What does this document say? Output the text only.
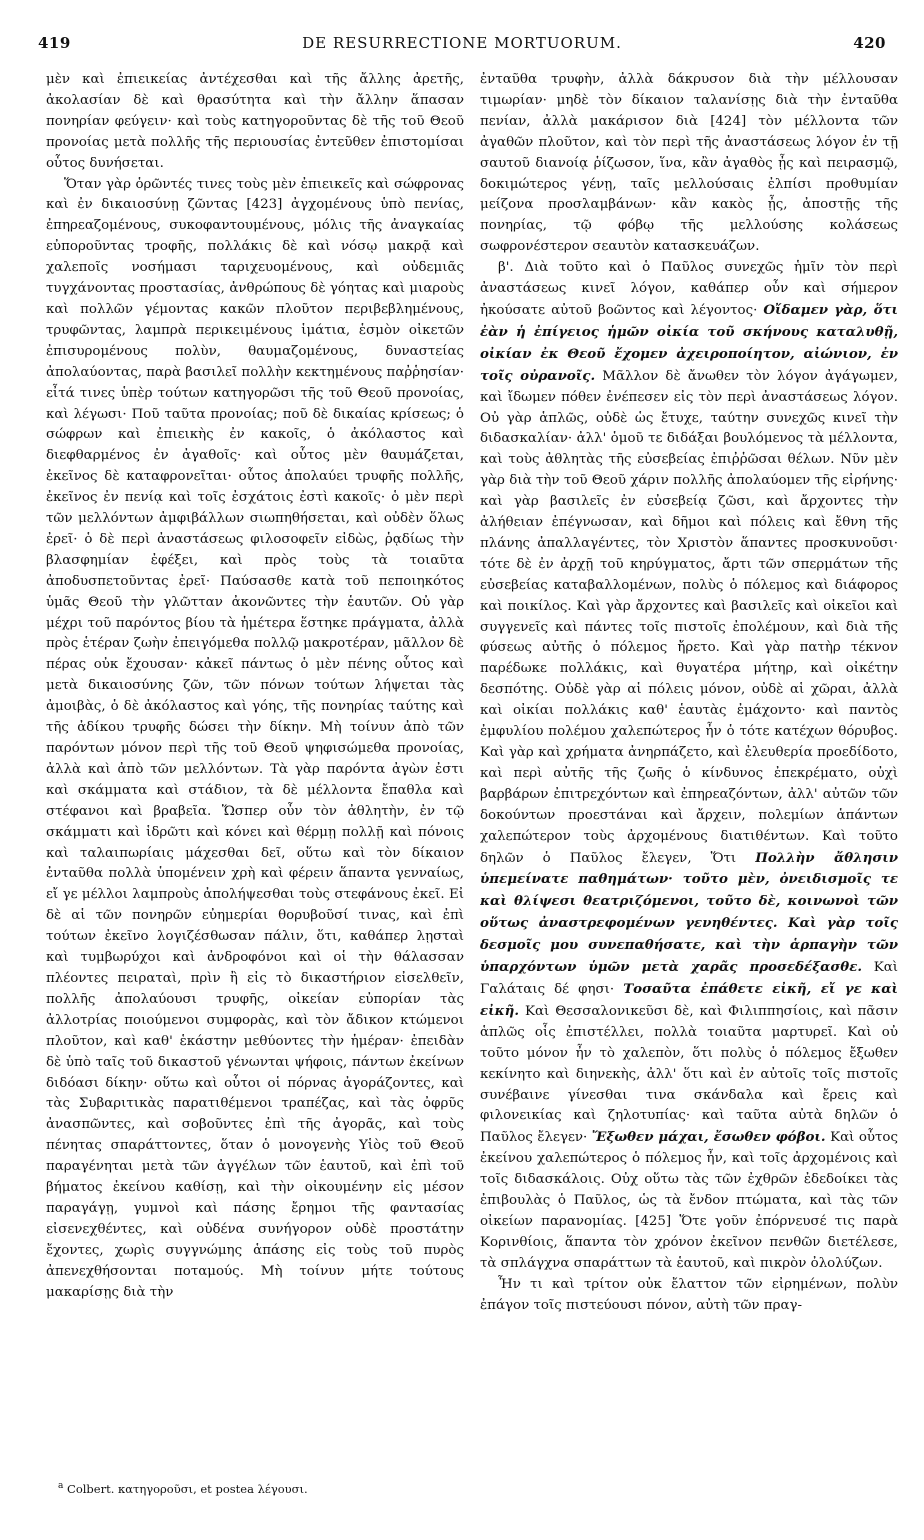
419	DE RESURRECTIONE MORTUORUM.	420

μὲν καὶ ἐπιεικείας ἀντέχεσθαι καὶ τῆς ἄλλης ἀρετῆς, ἀκολασίαν δὲ καὶ θρασύτητα καὶ τὴν ἄλλην ἅπασαν πονηρίαν φεύγειν· καὶ τοὺς κατηγοροῦντας δὲ τῆς τοῦ Θεοῦ προνοίας μετὰ πολλῆς τῆς περιουσίας ἐντεῦθεν ἐπιστομίσαι οὗτος δυνήσεται.

Ὅταν γὰρ ὁρῶντές τινες τοὺς μὲν ἐπιεικεῖς καὶ σώφρονας καὶ ἐν δικαιοσύνῃ ζῶντας [423] ἀγχομένους ὑπὸ πενίας, ἐπηρεαζομένους, συκοφαντουμένους, μόλις τῆς ἀναγκαίας εὐποροῦντας τροφῆς, πολλάκις δὲ καὶ νόσῳ μακρᾷ καὶ χαλεποῖς νοσήμασι ταριχευομένους, καὶ οὐδεμιᾶς τυγχάνοντας προστασίας, ἀνθρώπους δὲ γόητας καὶ μιαροὺς καὶ πολλῶν γέμοντας κακῶν πλοῦτον περιβεβλημένους, τρυφῶντας, λαμπρὰ περικειμένους ἱμάτια, ἑσμὸν οἰκετῶν ἐπισυρομένους πολὺν, θαυμαζομένους, δυναστείας ἀπολαύοντας, παρὰ βασιλεῖ πολλὴν κεκτημένους παῤῥησίαν· εἶτά τινες ὑπὲρ τούτων κατηγορῶσι τῆς τοῦ Θεοῦ προνοίας, καὶ λέγωσι· Ποῦ ταῦτα προνοίας; ποῦ δὲ δικαίας κρίσεως; ὁ σώφρων καὶ ἐπιεικὴς ἐν κακοῖς, ὁ ἀκόλαστος καὶ διεφθαρμένος ἐν ἀγαθοῖς· καὶ οὗτος μὲν θαυμάζεται, ἐκεῖνος δὲ καταφρονεῖται· οὗτος ἀπολαύει τρυφῆς πολλῆς, ἐκεῖνος ἐν πενίᾳ καὶ τοῖς ἐσχάτοις ἐστὶ κακοῖς· ὁ μὲν περὶ τῶν μελλόντων ἀμφιβάλλων σιωπηθήσεται, καὶ οὐδὲν ὅλως ἐρεῖ· ὁ δὲ περὶ ἀναστάσεως φιλοσοφεῖν εἰδὼς, ῥᾳδίως τὴν βλασφημίαν ἐφέξει, καὶ πρὸς τοὺς τὰ τοιαῦτα ἀποδυσπετοῦντας ἐρεῖ· Παύσασθε κατὰ τοῦ πεποιηκότος ὑμᾶς Θεοῦ τὴν γλῶτταν ἀκονῶντες τὴν ἑαυτῶν. Οὐ γὰρ μέχρι τοῦ παρόντος βίου τὰ ἡμέτερα ἕστηκε πράγματα, ἀλλὰ πρὸς ἑτέραν ζωὴν ἐπειγόμεθα πολλῷ μακροτέραν, μᾶλλον δὲ πέρας οὐκ ἔχουσαν· κἀκεῖ πάντως ὁ μὲν πένης οὗτος καὶ μετὰ δικαιοσύνης ζῶν, τῶν πόνων τούτων λήψεται τὰς ἀμοιβὰς, ὁ δὲ ἀκόλαστος καὶ γόης, τῆς πονηρίας ταύτης καὶ τῆς ἀδίκου τρυφῆς δώσει τὴν δίκην. Μὴ τοίνυν ἀπὸ τῶν παρόντων μόνον περὶ τῆς τοῦ Θεοῦ ψηφισώμεθα προνοίας, ἀλλὰ καὶ ἀπὸ τῶν μελλόντων. Τὰ γὰρ παρόντα ἀγὼν ἐστι καὶ σκάμματα καὶ στάδιον, τὰ δὲ μέλλοντα ἔπαθλα καὶ στέφανοι καὶ βραβεῖα. Ὥσπερ οὖν τὸν ἀθλητὴν, ἐν τῷ σκάμματι καὶ ἱδρῶτι καὶ κόνει καὶ θέρμῃ πολλῇ καὶ πόνοις καὶ ταλαιπωρίαις μάχεσθαι δεῖ, οὕτω καὶ τὸν δίκαιον ἐνταῦθα πολλὰ ὑπομένειν χρὴ καὶ φέρειν ἅπαντα γενναίως, εἴ γε μέλλοι λαμπροὺς ἀπολήψεσθαι τοὺς στεφάνους ἐκεῖ. Εἰ δὲ αἱ τῶν πονηρῶν εὐημερίαι θορυβοῦσί τινας, καὶ ἐπὶ τούτων ἐκεῖνο λογιζέσθωσαν πάλιν, ὅτι, καθάπερ λῃσταὶ καὶ τυμβωρύχοι καὶ ἀνδροφόνοι καὶ οἱ τὴν θάλασσαν πλέοντες πειραταὶ, πρὶν ἢ εἰς τὸ δικαστήριον εἰσελθεῖν, πολλῆς ἀπολαύουσι τρυφῆς, οἰκείαν εὐπορίαν τὰς ἀλλοτρίας ποιούμενοι συμφορὰς, καὶ τὸν ἄδικον κτώμενοι πλοῦτον, καὶ καθ' ἑκάστην μεθύοντες τὴν ἡμέραν· ἐπειδὰν δὲ ὑπὸ ταῖς τοῦ δικαστοῦ γένωνται ψήφοις, πάντων ἐκείνων διδόασι δίκην· οὕτω καὶ οὗτοι οἱ πόρνας ἀγοράζοντες, καὶ τὰς Συβαριτικὰς παρατιθέμενοι τραπέζας, καὶ τὰς ὀφρῦς ἀνασπῶντες, καὶ σοβοῦντες ἐπὶ τῆς ἀγορᾶς, καὶ τοὺς πένητας σπαράττοντες, ὅταν ὁ μονογενὴς Υἱὸς τοῦ Θεοῦ παραγένηται μετὰ τῶν ἀγγέλων τῶν ἑαυτοῦ, καὶ ἐπὶ τοῦ βήματος ἐκείνου καθίσῃ, καὶ τὴν οἰκουμένην εἰς μέσον παραγάγῃ, γυμνοὶ καὶ πάσης ἔρημοι τῆς φαντασίας εἰσενεχθέντες, καὶ οὐδένα συνήγορον οὐδὲ προστάτην ἔχοντες, χωρὶς συγγνώμης ἁπάσης εἰς τοὺς τοῦ πυρὸς ἀπενεχθήσονται ποταμούς. Μὴ τοίνυν μήτε τούτους μακαρίσῃς διὰ τὴν

ἐνταῦθα τρυφὴν, ἀλλὰ δάκρυσον διὰ τὴν μέλλουσαν τιμωρίαν· μηδὲ τὸν δίκαιον ταλανίσῃς διὰ τὴν ἐνταῦθα πενίαν, ἀλλὰ μακάρισον διὰ [424] τὸν μέλλοντα τῶν ἀγαθῶν πλοῦτον, καὶ τὸν περὶ τῆς ἀναστάσεως λόγον ἐν τῇ σαυτοῦ διανοίᾳ ῥίζωσον, ἵνα, κἂν ἀγαθὸς ᾖς καὶ πειρασμῷ, δοκιμώτερος γένῃ, ταῖς μελλούσαις ἐλπίσι προθυμίαν μείζονα προσλαμβάνων· κἂν κακὸς ᾖς, ἀποστῇς τῆς πονηρίας, τῷ φόβῳ τῆς μελλούσης κολάσεως σωφρονέστερον σεαυτὸν κατασκευάζων.

β'. Διὰ τοῦτο καὶ ὁ Παῦλος συνεχῶς ἡμῖν τὸν περὶ ἀναστάσεως κινεῖ λόγον, καθάπερ οὖν καὶ σήμερον ἠκούσατε αὐτοῦ βοῶντος καὶ λέγοντος· Οἴδαμεν γὰρ, ὅτι ἐὰν ἡ ἐπίγειος ἡμῶν οἰκία τοῦ σκήνους καταλυθῇ, οἰκίαν ἐκ Θεοῦ ἔχομεν ἀχειροποίητον, αἰώνιον, ἐν τοῖς οὐρανοῖς. Μᾶλλον δὲ ἄνωθεν τὸν λόγον ἀγάγωμεν, καὶ ἴδωμεν πόθεν ἐνέπεσεν εἰς τὸν περὶ ἀναστάσεως λόγον. Οὐ γὰρ ἁπλῶς, οὐδὲ ὡς ἔτυχε, ταύτην συνεχῶς κινεῖ τὴν διδασκαλίαν· ἀλλ' ὁμοῦ τε διδάξαι βουλόμενος τὰ μέλλοντα, καὶ τοὺς ἀθλητὰς τῆς εὐσεβείας ἐπιῤῥῶσαι θέλων. Νῦν μὲν γὰρ διὰ τὴν τοῦ Θεοῦ χάριν πολλῆς ἀπολαύομεν τῆς εἰρήνης· καὶ γὰρ βασιλεῖς ἐν εὐσεβείᾳ ζῶσι, καὶ ἄρχοντες τὴν ἀλήθειαν ἐπέγνωσαν, καὶ δῆμοι καὶ πόλεις καὶ ἔθνη τῆς πλάνης ἀπαλλαγέντες, τὸν Χριστὸν ἅπαντες προσκυνοῦσι· τότε δὲ ἐν ἀρχῇ τοῦ κηρύγματος, ἄρτι τῶν σπερμάτων τῆς εὐσεβείας καταβαλλομένων, πολὺς ὁ πόλεμος καὶ διάφορος καὶ ποικίλος. Καὶ γὰρ ἄρχοντες καὶ βασιλεῖς καὶ οἰκεῖοι καὶ συγγενεῖς καὶ πάντες τοῖς πιστοῖς ἐπολέμουν, καὶ διὰ τῆς φύσεως αὐτῆς ὁ πόλεμος ἤρετο. Καὶ γὰρ πατὴρ τέκνον παρέδωκε πολλάκις, καὶ θυγατέρα μήτηρ, καὶ οἰκέτην δεσπότης. Οὐδὲ γὰρ αἱ πόλεις μόνον, οὐδὲ αἱ χῶραι, ἀλλὰ καὶ οἰκίαι πολλάκις καθ' ἑαυτὰς ἐμάχοντο· καὶ παντὸς ἐμφυλίου πολέμου χαλεπώτερος ἦν ὁ τότε κατέχων θόρυβος. Καὶ γὰρ καὶ χρήματα ἀνηρπάζετο, καὶ ἐλευθερία προεδίδοτο, καὶ περὶ αὐτῆς τῆς ζωῆς ὁ κίνδυνος ἐπεκρέματο, οὐχὶ βαρβάρων ἐπιτρεχόντων καὶ ἐπηρεαζόντων, ἀλλ' αὐτῶν τῶν δοκούντων προεστάναι καὶ ἄρχειν, πολεμίων ἁπάντων χαλεπώτερον τοὺς ἀρχομένους διατιθέντων. Καὶ τοῦτο δηλῶν ὁ Παῦλος ἔλεγεν, Ὅτι Πολλὴν ἄθλησιν ὑπεμείνατε παθημάτων· τοῦτο μὲν, ὀνειδισμοῖς τε καὶ θλίψεσι θεατριζόμενοι, τοῦτο δὲ, κοινωνοὶ τῶν οὕτως ἀναστρεφομένων γενηθέντες. Καὶ γὰρ τοῖς δεσμοῖς μου συνεπαθήσατε, καὶ τὴν ἁρπαγὴν τῶν ὑπαρχόντων ὑμῶν μετὰ χαρᾶς προσεδέξασθε. Καὶ Γαλάταις δέ φησι· Τοσαῦτα ἐπάθετε εἰκῆ, εἴ γε καὶ εἰκῆ. Καὶ Θεσσαλονικεῦσι δὲ, καὶ Φιλιππησίοις, καὶ πᾶσιν ἁπλῶς οἷς ἐπιστέλλει, πολλὰ τοιαῦτα μαρτυρεῖ. Καὶ οὐ τοῦτο μόνον ἦν τὸ χαλεπὸν, ὅτι πολὺς ὁ πόλεμος ἔξωθεν κεκίνητο καὶ διηνεκὴς, ἀλλ' ὅτι καὶ ἐν αὐτοῖς τοῖς πιστοῖς συνέβαινε γίνεσθαι τινα σκάνδαλα καὶ ἔρεις καὶ φιλονεικίας καὶ ζηλοτυπίας· καὶ ταῦτα αὐτὰ δηλῶν ὁ Παῦλος ἔλεγεν· Ἔξωθεν μάχαι, ἔσωθεν φόβοι. Καὶ οὗτος ἐκείνου χαλεπώτερος ὁ πόλεμος ἦν, καὶ τοῖς ἀρχομένοις καὶ τοῖς διδασκάλοις. Οὐχ οὕτω τὰς τῶν ἐχθρῶν ἐδεδοίκει τὰς ἐπιβουλὰς ὁ Παῦλος, ὡς τὰ ἔνδον πτώματα, καὶ τὰς τῶν οἰκείων παρανομίας. [425] Ὅτε γοῦν ἐπόρνευσέ τις παρὰ Κορινθίοις, ἅπαντα τὸν χρόνον ἐκεῖνον πενθῶν διετέλεσε, τὰ σπλάγχνα σπαράττων τὰ ἑαυτοῦ, καὶ πικρὸν ὀλολύζων.

Ἦν τι καὶ τρίτον οὐκ ἔλαττον τῶν εἰρημένων, πολὺν ἐπάγον τοῖς πιστεύουσι πόνον, αὐτὴ τῶν πραγ-

$^a$ Colbert. κατηγοροῦσι, et postea λέγουσι.
